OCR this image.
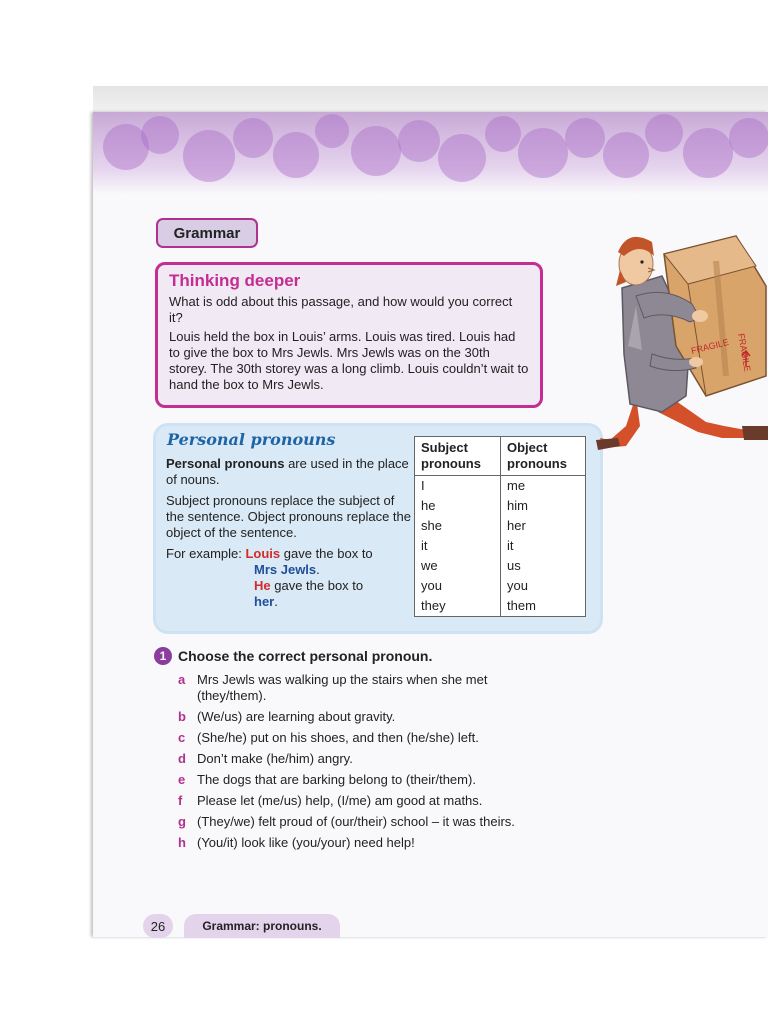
Grammar
Thinking deeper

What is odd about this passage, and how would you correct it?

Louis held the box in Louis’ arms. Louis was tired. Louis had to give the box to Mrs Jewls. Mrs Jewls was on the 30th storey. The 30th storey was a long climb. Louis couldn’t wait to hand the box to Mrs Jewls.

Personal pronouns

Personal pronouns are used in the place of nouns.

Subject pronouns replace the subject of the sentence. Object pronouns replace the object of the sentence.

For example: Louis gave the box to
Mrs Jewls.
He gave the box to
her.
Subject pronouns	Object pronouns
I	me
he	him
she	her
it	it
we	us
you	you
they	them
1 Choose the correct personal pronoun.
a Mrs Jewls was walking up the stairs when she met (they/them).
b (We/us) are learning about gravity.
c (She/he) put on his shoes, and then (he/she) left.
d Don’t make (he/him) angry.
e The dogs that are barking belong to (their/them).
f	Please let (me/us) help, (I/me) am good at maths.
g (They/we) felt proud of (our/their) school – it was theirs.
h (You/it) look like (you/your) need help!
26	Grammar: pronouns.
FRAGILE FRAGILE
